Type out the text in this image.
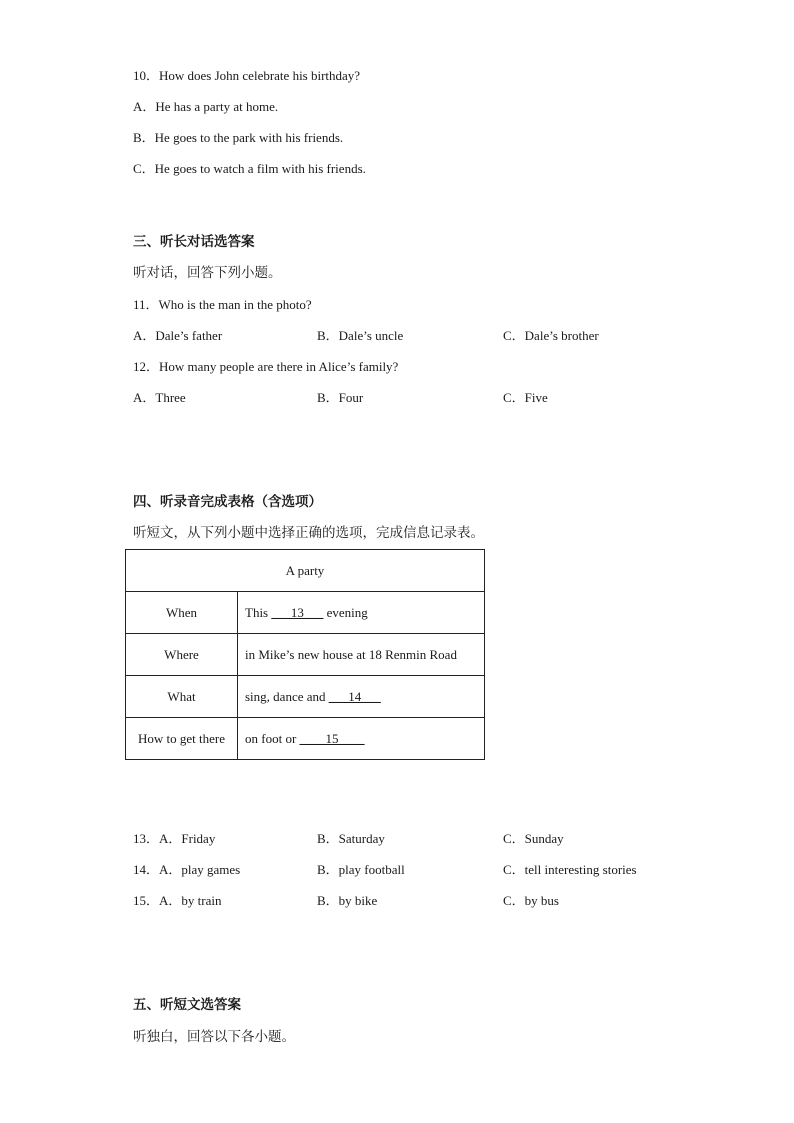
10．How does John celebrate his birthday?
A．He has a party at home.
B．He goes to the park with his friends.
C．He goes to watch a film with his friends.
三、听长对话选答案
听对话，回答下列小题。
11．Who is the man in the photo?
A．Dale’s father	B．Dale’s uncle	C．Dale’s brother
12．How many people are there in Alice’s family?
A．Three	B．Four	C．Five
四、听录音完成表格（含选项）
听短文，从下列小题中选择正确的选项，完成信息记录表。
A party	
When	This ___13___ evening
Where	in Mike’s new house at 18 Renmin Road
What	sing, dance and ___14___
How to get there	on foot or ____15____
13．A．Friday	B．Saturday	C．Sunday
14．A．play games	B．play football	C．tell interesting stories
15．A．by train	B．by bike	C．by bus
五、听短文选答案
听独白，回答以下各小题。
